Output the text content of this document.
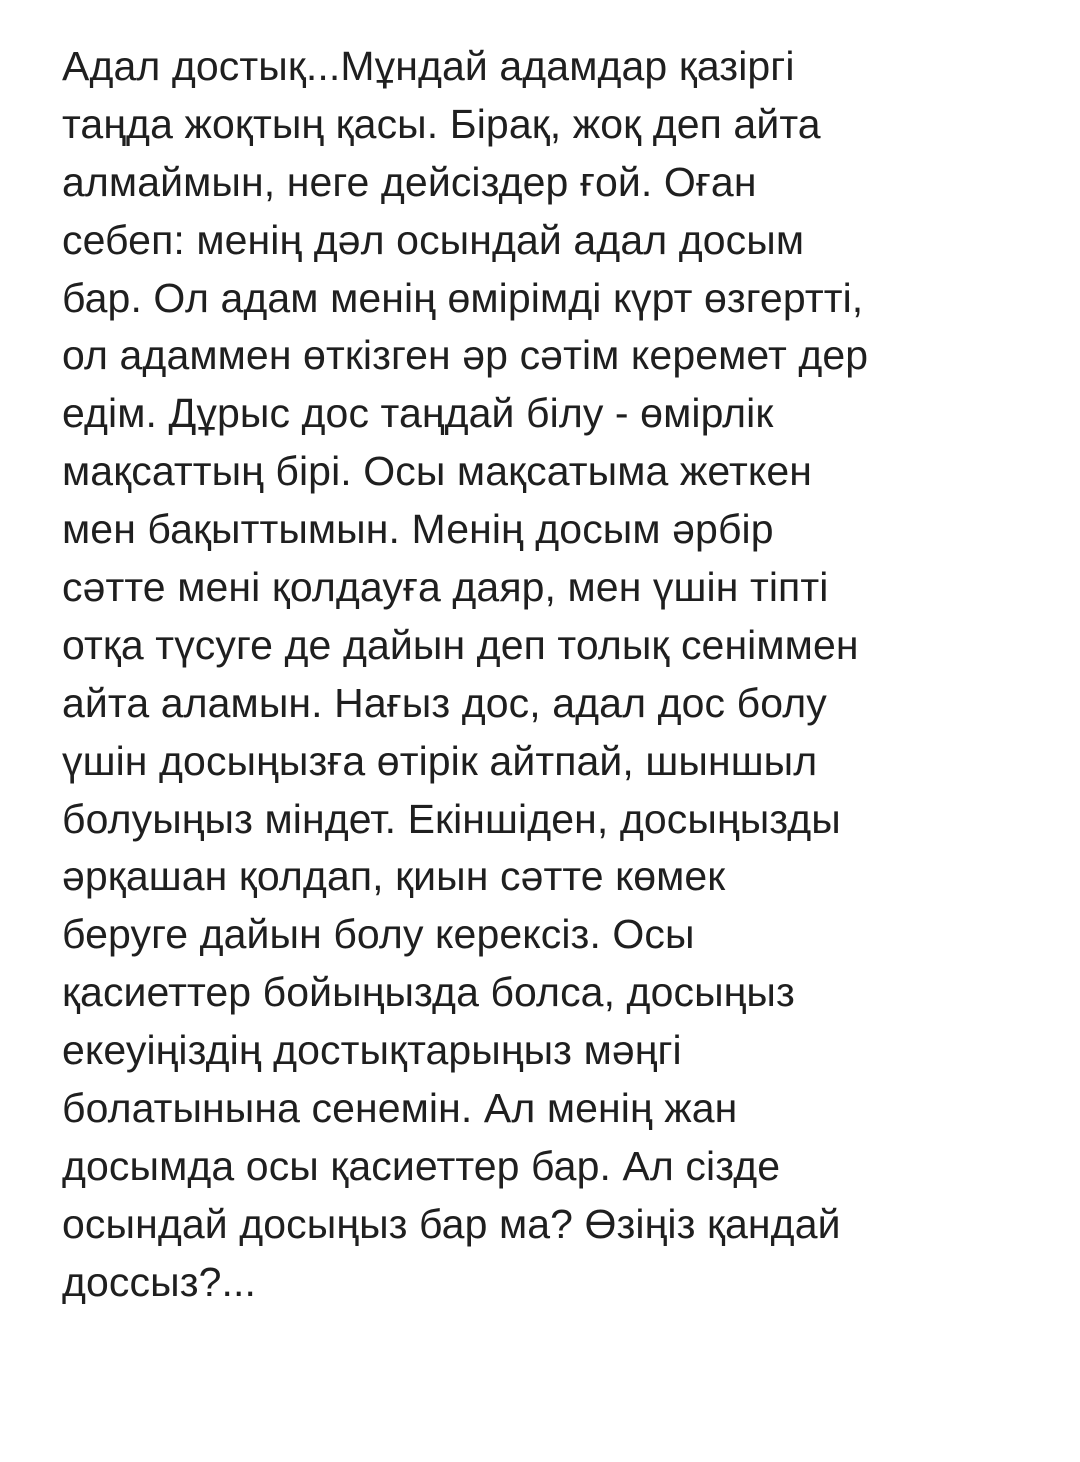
Адал достық...Мұндай адамдар қазіргі
таңда жоқтың қасы. Бірақ, жоқ деп айта
алмаймын, неге дейсіздер ғой. Оған
себеп: менің дәл осындай адал досым
бар. Ол адам менің өмірімді күрт өзгертті,
ол адаммен өткізген әр сәтім керемет дер
едім. Дұрыс дос таңдай білу - өмірлік
мақсаттың бірі. Осы мақсатыма жеткен
мен бақыттымын. Менің досым әрбір
сәтте мені қолдауға даяр, мен үшін тіпті
отқа түсуге де дайын деп толық сеніммен
айта аламын. Нағыз дос, адал дос болу
үшін досыңызға өтірік айтпай, шыншыл
болуыңыз міндет. Екіншіден, досыңызды
әрқашан қолдап, қиын сәтте көмек
беруге дайын болу керексіз. Осы
қасиеттер бойыңызда болса, досыңыз
екеуіңіздің достықтарыңыз мәңгі
болатынына сенемін. Ал менің жан
досымда осы қасиеттер бар. Ал сізде
осындай досыңыз бар ма? Өзіңіз қандай
доссыз?...
